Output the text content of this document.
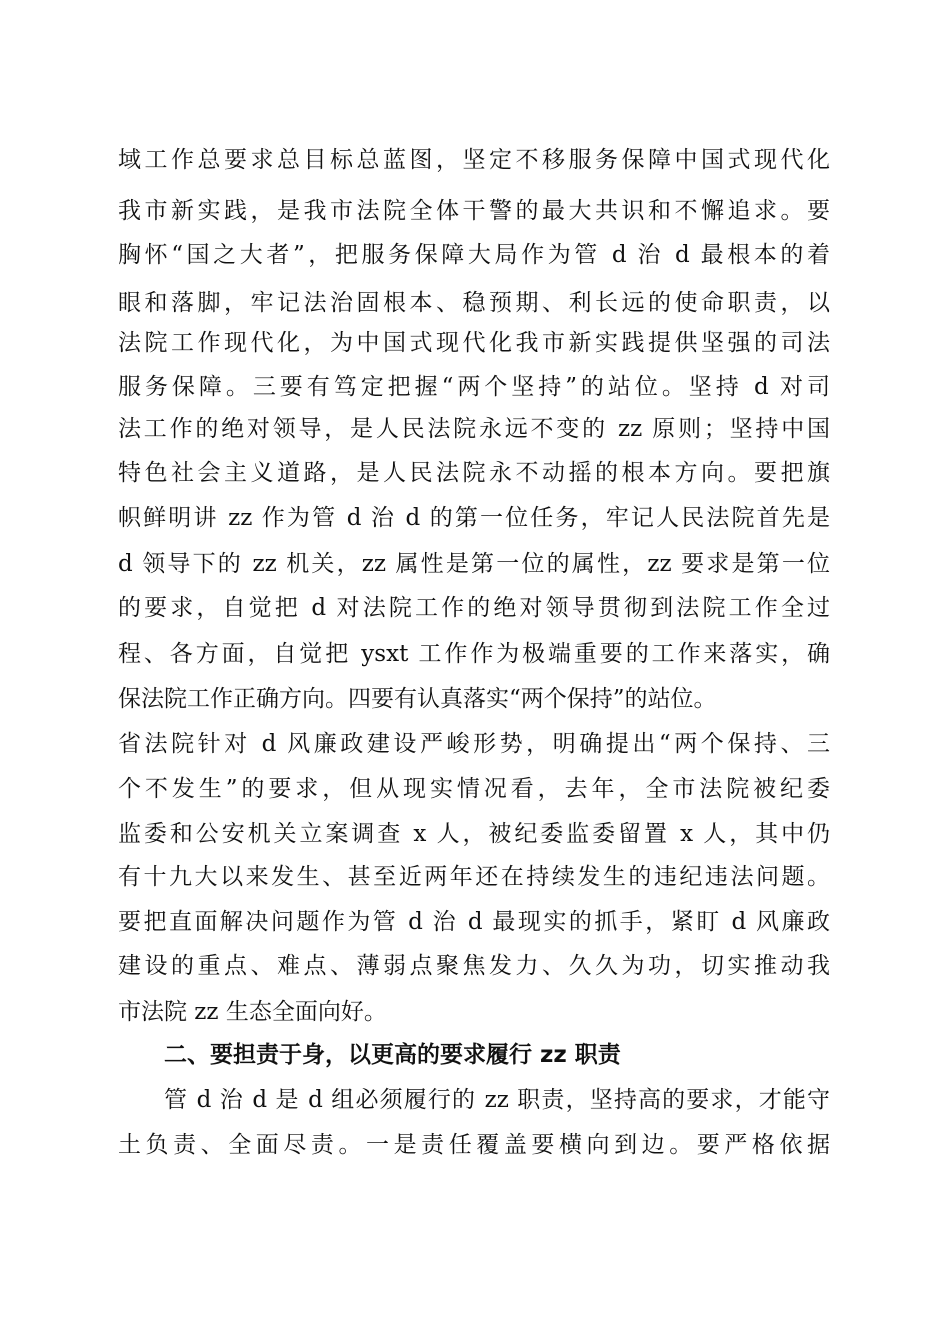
域工作总要求总目标总蓝图，坚定不移服务保障中国式现代化
我市新实践，是我市法院全体干警的最大共识和不懈追求。要
胸怀“国之大者”，把服务保障大局作为管 d 治 d 最根本的着
眼和落脚，牢记法治固根本、稳预期、利长远的使命职责，以
法院工作现代化，为中国式现代化我市新实践提供坚强的司法
服务保障。三要有笃定把握“两个坚持”的站位。坚持 d 对司
法工作的绝对领导，是人民法院永远不变的 zz 原则；坚持中国
特色社会主义道路，是人民法院永不动摇的根本方向。要把旗
帜鲜明讲 zz 作为管 d 治 d 的第一位任务，牢记人民法院首先是
d 领导下的 zz 机关，zz 属性是第一位的属性，zz 要求是第一位
的要求，自觉把 d 对法院工作的绝对领导贯彻到法院工作全过
程、各方面，自觉把 ysxt 工作作为极端重要的工作来落实，确
保法院工作正确方向。四要有认真落实“两个保持”的站位。
省法院针对 d 风廉政建设严峻形势，明确提出“两个保持、三
个不发生”的要求，但从现实情况看，去年，全市法院被纪委
监委和公安机关立案调查 x 人，被纪委监委留置 x 人，其中仍
有十九大以来发生、甚至近两年还在持续发生的违纪违法问题。
要把直面解决问题作为管 d 治 d 最现实的抓手，紧盯 d 风廉政
建设的重点、难点、薄弱点聚焦发力、久久为功，切实推动我
市法院 zz 生态全面向好。
二、要担责于身，以更高的要求履行 zz 职责
管 d 治 d 是 d 组必须履行的 zz 职责，坚持高的要求，才能守
土负责、全面尽责。一是责任覆盖要横向到边。要严格依据
